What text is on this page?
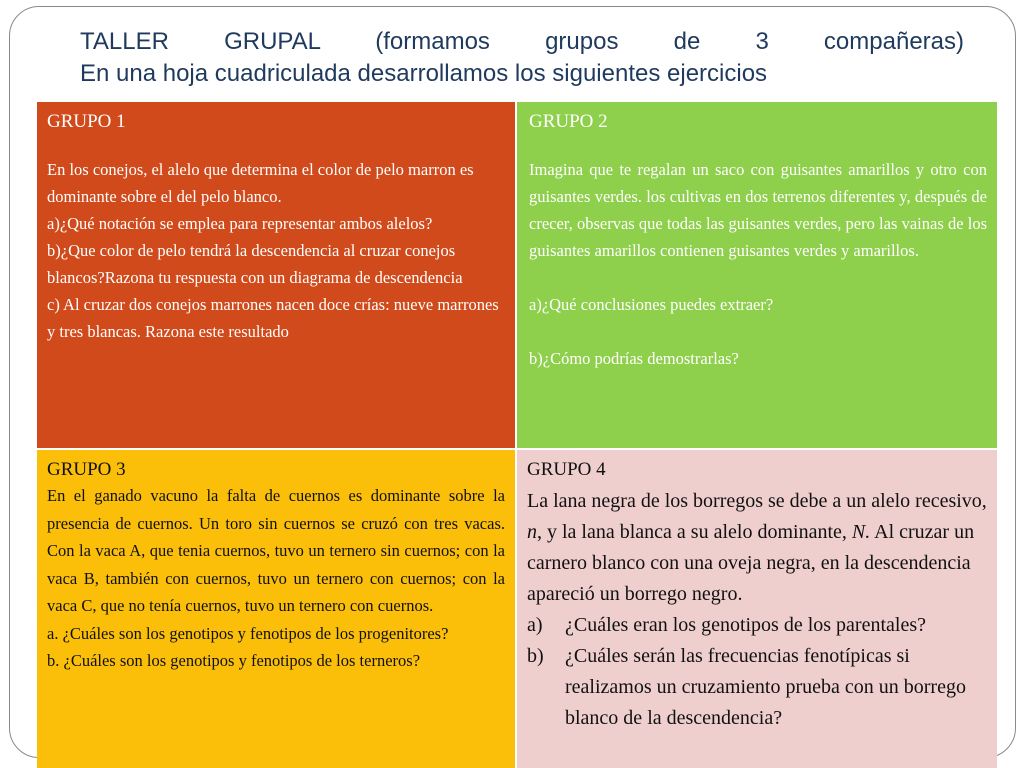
TALLER GRUPAL (formamos grupos de 3 compañeras)
En una hoja cuadriculada desarrollamos los siguientes ejercicios

GRUPO 1

En los conejos, el alelo que determina el color de pelo marron es dominante sobre el del pelo blanco.

a)¿Qué notación se emplea para representar ambos alelos?

b)¿Que color de pelo tendrá la descendencia al cruzar conejos blancos?Razona tu respuesta con un diagrama de descendencia

c) Al cruzar dos conejos marrones nacen doce crías: nueve marrones y tres blancas. Razona este resultado

GRUPO 2

Imagina que te regalan un saco con guisantes amarillos y otro con guisantes verdes. los cultivas en dos terrenos diferentes y, después de crecer, observas que todas las guisantes verdes, pero las vainas de los guisantes amarillos contienen guisantes verdes y amarillos.

a)¿Qué conclusiones puedes extraer?

b)¿Cómo podrías demostrarlas?

GRUPO 3

En el ganado vacuno la falta de cuernos es dominante sobre la presencia de cuernos. Un toro sin cuernos se cruzó con tres vacas. Con la vaca A, que tenia cuernos, tuvo un ternero sin cuernos; con la vaca B, también con cuernos, tuvo un ternero con cuernos; con la vaca C, que no tenía cuernos, tuvo un ternero con cuernos.

a. ¿Cuáles son los genotipos y fenotipos de los progenitores?

b. ¿Cuáles son los genotipos y fenotipos de los terneros?

GRUPO 4

La lana negra de los borregos se debe a un alelo recesivo, n, y la lana blanca a su alelo dominante, N. Al cruzar un carnero blanco con una oveja negra, en la descendencia apareció un borrego negro.

a)	¿Cuáles eran los genotipos de los parentales?
b)	¿Cuáles serán las frecuencias fenotípicas si realizamos un cruzamiento prueba con un borrego blanco de la descendencia?
